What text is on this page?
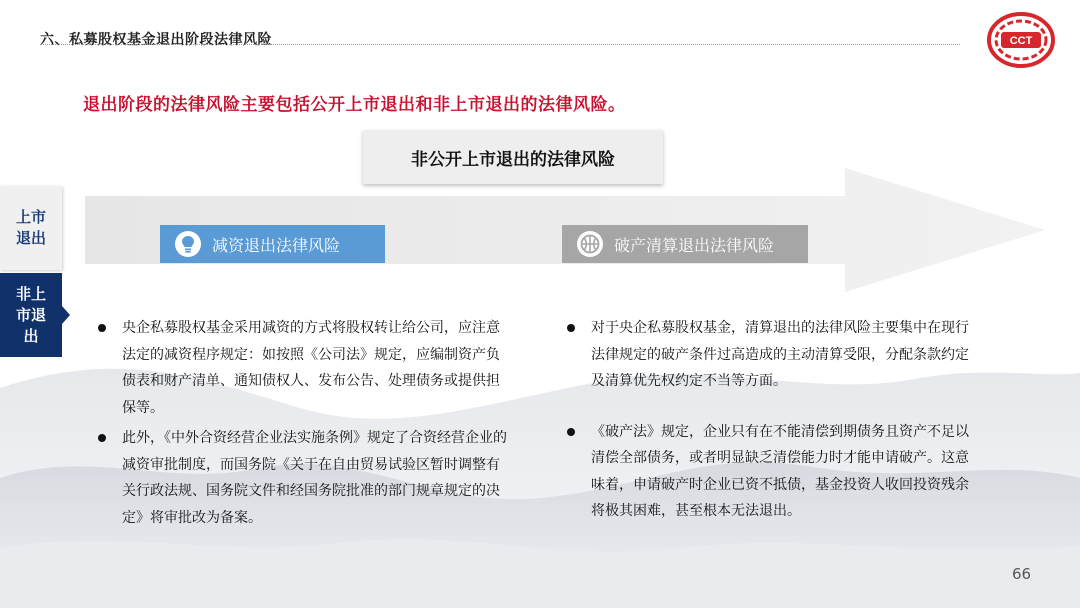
六、私募股权基金退出阶段法律风险	CCT
退出阶段的法律风险主要包括公开上市退出和非上市退出的法律风险。
非公开上市退出的法律风险
上市退出
非上市退出
减资退出法律风险	破产清算退出法律风险
央企私募股权基金采用减资的方式将股权转让给公司，应注意法定的减资程序规定：如按照《公司法》规定，应编制资产负债表和财产清单、通知债权人、发布公告、处理债务或提供担保等。
此外，《中外合资经营企业法实施条例》规定了合资经营企业的减资审批制度，而国务院《关于在自由贸易试验区暂时调整有关行政法规、国务院文件和经国务院批准的部门规章规定的决定》将审批改为备案。
对于央企私募股权基金，清算退出的法律风险主要集中在现行法律规定的破产条件过高造成的主动清算受限，分配条款约定及清算优先权约定不当等方面。
《破产法》规定，企业只有在不能清偿到期债务且资产不足以清偿全部债务，或者明显缺乏清偿能力时才能申请破产。这意味着，申请破产时企业已资不抵债，基金投资人收回投资残余将极其困难，甚至根本无法退出。
66
